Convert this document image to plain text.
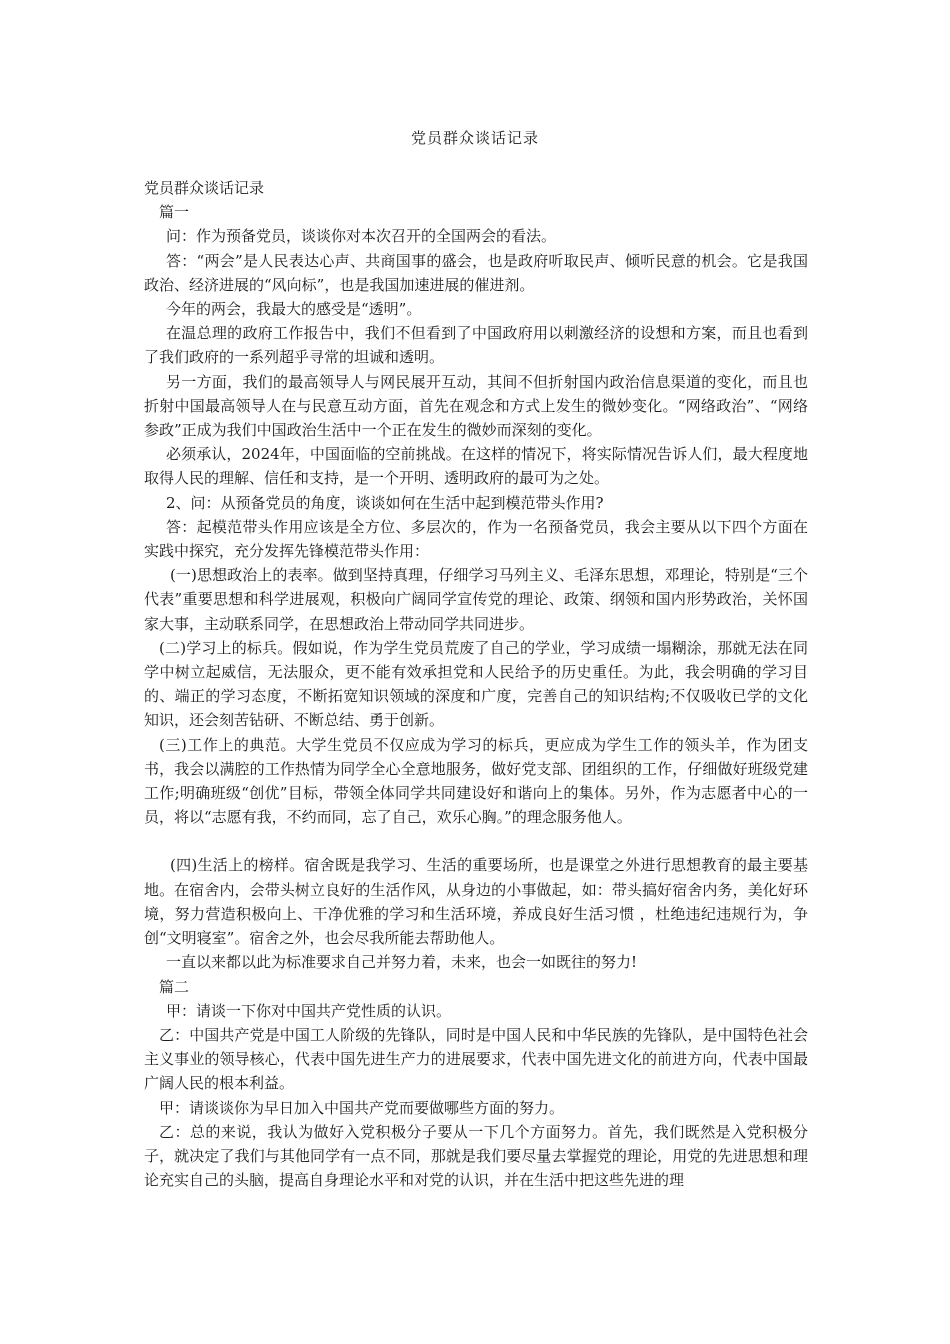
党员群众谈话记录

党员群众谈话记录

篇一

问：作为预备党员，谈谈你对本次召开的全国两会的看法。

答：“两会”是人民表达心声、共商国事的盛会，也是政府听取民声、倾听民意的机会。它是我国政治、经济进展的“风向标”，也是我国加速进展的催进剂。

今年的两会，我最大的感受是“透明”。

在温总理的政府工作报告中，我们不但看到了中国政府用以刺激经济的设想和方案，而且也看到了我们政府的一系列超乎寻常的坦诚和透明。

另一方面，我们的最高领导人与网民展开互动，其间不但折射国内政治信息渠道的变化，而且也折射中国最高领导人在与民意互动方面，首先在观念和方式上发生的微妙变化。“网络政治”、“网络参政”正成为我们中国政治生活中一个正在发生的微妙而深刻的变化。

必须承认，2024年，中国面临的空前挑战。在这样的情况下，将实际情况告诉人们，最大程度地取得人民的理解、信任和支持，是一个开明、透明政府的最可为之处。

2、问：从预备党员的角度，谈谈如何在生活中起到模范带头作用?

答：起模范带头作用应该是全方位、多层次的，作为一名预备党员，我会主要从以下四个方面在实践中探究，充分发挥先锋模范带头作用：

(一)思想政治上的表率。做到坚持真理，仔细学习马列主义、毛泽东思想，邓理论，特别是“三个代表”重要思想和科学进展观，积极向广阔同学宣传党的理论、政策、纲领和国内形势政治，关怀国家大事，主动联系同学，在思想政治上带动同学共同进步。

(二)学习上的标兵。假如说，作为学生党员荒废了自己的学业，学习成绩一塌糊涂，那就无法在同学中树立起威信，无法服众，更不能有效承担党和人民给予的历史重任。为此，我会明确的学习目的、端正的学习态度，不断拓宽知识领域的深度和广度，完善自己的知识结构;不仅吸收已学的文化知识，还会刻苦钻研、不断总结、勇于创新。

(三)工作上的典范。大学生党员不仅应成为学习的标兵，更应成为学生工作的领头羊，作为团支书，我会以满腔的工作热情为同学全心全意地服务，做好党支部、团组织的工作，仔细做好班级党建工作;明确班级“创优”目标，带领全体同学共同建设好和谐向上的集体。另外，作为志愿者中心的一员，将以“志愿有我，不约而同，忘了自己，欢乐心胸。”的理念服务他人。

(四)生活上的榜样。宿舍既是我学习、生活的重要场所，也是课堂之外进行思想教育的最主要基地。在宿舍内，会带头树立良好的生活作风，从身边的小事做起，如：带头搞好宿舍内务，美化好环境，努力营造积极向上、干净优雅的学习和生活环境，养成良好生活习惯 ，杜绝违纪违规行为，争创“文明寝室”。宿舍之外，也会尽我所能去帮助他人。

一直以来都以此为标准要求自己并努力着，未来，也会一如既往的努力!

篇二

甲：请谈一下你对中国共产党性质的认识。

乙：中国共产党是中国工人阶级的先锋队，同时是中国人民和中华民族的先锋队，是中国特色社会主义事业的领导核心，代表中国先进生产力的进展要求，代表中国先进文化的前进方向，代表中国最广阔人民的根本利益。

甲：请谈谈你为早日加入中国共产党而要做哪些方面的努力。

乙：总的来说，我认为做好入党积极分子要从一下几个方面努力。首先，我们既然是入党积极分子，就决定了我们与其他同学有一点不同，那就是我们要尽量去掌握党的理论，用党的先进思想和理论充实自己的头脑，提高自身理论水平和对党的认识，并在生活中把这些先进的理
